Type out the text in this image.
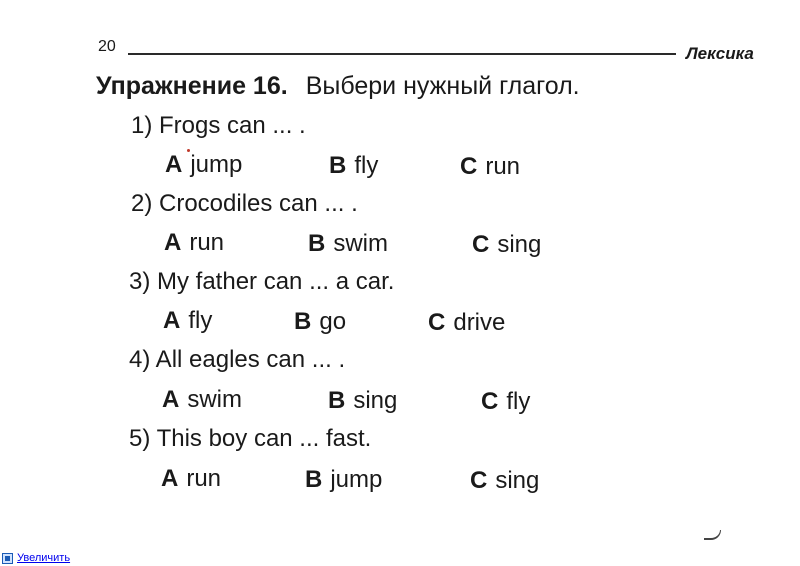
20	Лексика
Упражнение 16. Выбери нужный глагол.
1) Frogs can ... .
A jump	B fly	C run
2) Crocodiles can ... .
A run	B swim	C sing
3) My father can ... a car.
A fly	B go	C drive
4) All eagles can ... .
A swim	B sing	C fly
5) This boy can ... fast.
A run	B jump	C sing
Увеличить
